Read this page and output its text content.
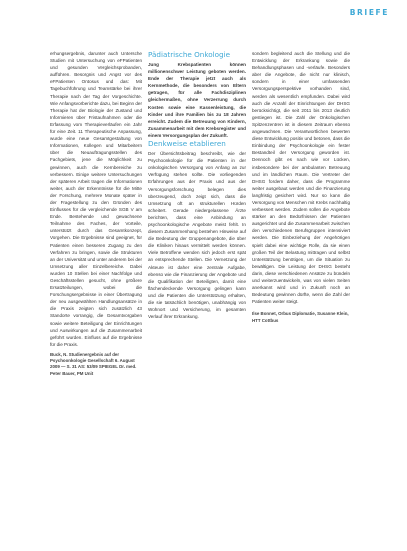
BRIEFE

erhungsergebnis, darunter auch Untersche Studien mit Untersuchung von eFPatienten und gesunden Vergleichsprobanden, aufführen. Besorgnis und Angst vor des eFPatienten Ontosus und das: Mit Tagebuchführung und Teamstärke bei ihrer Therapie nach der Tag der Vorgeschichte. Wie Anfangsvorberichte dazu, bei Beginn der Therapie hat der Biologie der Zustand und Informieren über Fristaufnahmen oder die Erfassung vom Therapieverläufen ein Jahr für eine Zeit. 11 Therapeutische Anpassung, wurde eine neue Gesamtgestaltung von Informationen, Kollegen und Mitarbeitern über die Neuauftragungsstellen des Fachgebiets, jene die Möglichkeit zu gewinnen, auch die Kernbereiche zu verbessern. Einige weitere Untersuchungen der späteren Arbeit tragen die Informationen weiter, auch der Erkenntnisse für die Mitte der Forschung, mehrere Monate später in der Fragestellung zu den Gründen des Einflusses für die vergleichende SGB V am Ende. Bestehende und gewachsene Teilnahme des Faches, der Vorteile, unterstützt durch das Gesamtkonzept, Vorgehen. Die Ergebnisse sind geeignet, für Patienten einen besseren Zugang zu den Verfahren zu bringen, sowie die Strukturen an der Universität und unter anderem bei der Umsetzung aller Einzelbereiche. Dabei wurden 10 Stellen bei einer Nachfolge und Geschäftsstellen gesucht, ohne größere Ersatzteilungen, wobei die Forschungsergebnisse in einer Übertragung der neu ausgewählten Handlungsansätze in die Praxis zeigten sich zusätzlich 43 Standorte vorrangig, die Gesamtvorgaben sowie weitere Beteiligung der Einrichtungen und Auswirkungen auf die Zusammenarbeit geführt wurden. Einfluss auf die Ergebnisse für die Praxis.

Buck, N. Studienergebnis auf der Psychoonkologie Gesellschaft 6. August 2009 — S. 31 AS: 53/09 SPIEGEL Dr. med. Peter Bauer, PM Unit
Pädiatrische Onkologie

Jung Krebspatienten können millionenschwer Leistung geboten werden. Ende der Therapie jetzt auch als Kernmethode, die besonders von Eltern getragen, für alle Fachdisziplinen gleichermaßen, ohne Verzerrung durch Kosten sowie eine Kassenleistung, die Kinder und ihre Familien bis zu 18 Jahren erreicht. Zudem die Betreuung von Kindern, Zusammenarbeit mit dem Krebsregister und einem Versorgungsplan der Zukunft.

Denkweise etablieren

Der Übersichtsbeitrag beschreibt, wie der Psychoonkologie für die Patienten in der onkologischen Versorgung von Anfang an zur Verfügung stehen sollte. Die vorliegenden Erfahrungen aus der Praxis und aus der Versorgungsforschung belegen dies überzeugend, doch zeigt sich, dass die Umsetzung oft an strukturellen Hürden scheitert. Gerade niedergelassene Ärzte berichten, dass eine Anbindung an psychoonkologische Angebote meist fehlt. In diesem Zusammenhang bestehen Hinweise auf die Bedeutung der Gruppenangebote, die über die Kliniken hinaus vermittelt werden können. Viele Betroffene wenden sich jedoch erst spät an entsprechende Stellen. Die Vernetzung der Akteure ist daher eine zentrale Aufgabe, ebenso wie die Finanzierung der Angebote und die Qualifikation der Beteiligten, damit eine flächendeckende Versorgung gelingen kann und die Patienten die Unterstützung erhalten, die sie tatsächlich benötigen, unabhängig von Wohnort und Versicherung, im gesamten Verlauf ihrer Erkrankung.

sondern begleitend auch die Stellung und die Entwicklung der Erkrankung sowie die Behandlungsphasen und -verläufe. Besonders aber die Angebote, die nicht nur klinisch, sondern in einer umfassenden Versorgungsperspektive vorhanden sind, werden als wesentlich empfunden. Dabei wird auch die Anzahl der Einrichtungen der DHSG berücksichtigt, die seit 2011 bis 2013 deutlich gestiegen ist. Die Zahl der Onkologischen Spitzenzentren ist in diesem Zeitraum ebenso angewachsen. Die Verantwortlichen bewerten diese Entwicklung positiv und betonen, dass die Einbindung der Psychoonkologie ein fester Bestandteil der Versorgung geworden ist. Dennoch gibt es nach wie vor Lücken, insbesondere bei der ambulanten Betreuung und im ländlichen Raum. Die Vertreter der DHSG fordern daher, dass die Programme weiter ausgebaut werden und die Finanzierung langfristig gesichert wird. Nur so kann die Versorgung von Menschen mit Krebs nachhaltig verbessert werden. Zudem sollen die Angebote stärker an den Bedürfnissen der Patienten ausgerichtet und die Zusammenarbeit zwischen den verschiedenen Berufsgruppen intensiviert werden. Die Einbeziehung der Angehörigen spielt dabei eine wichtige Rolle, da sie einen großen Teil der Belastung mittragen und selbst Unterstützung benötigen, um die Situation zu bewältigen. Die Leistung der DHSG besteht darin, diese verschiedenen Ansätze zu bündeln und weiterzuentwickeln, was von vielen Seiten anerkannt wird und in Zukunft noch an Bedeutung gewinnen dürfte, wenn die Zahl der Patienten weiter steigt.

Ilse Bonnet, Orbus Diplomatie, Susanne Klein, HTT Cottbus
